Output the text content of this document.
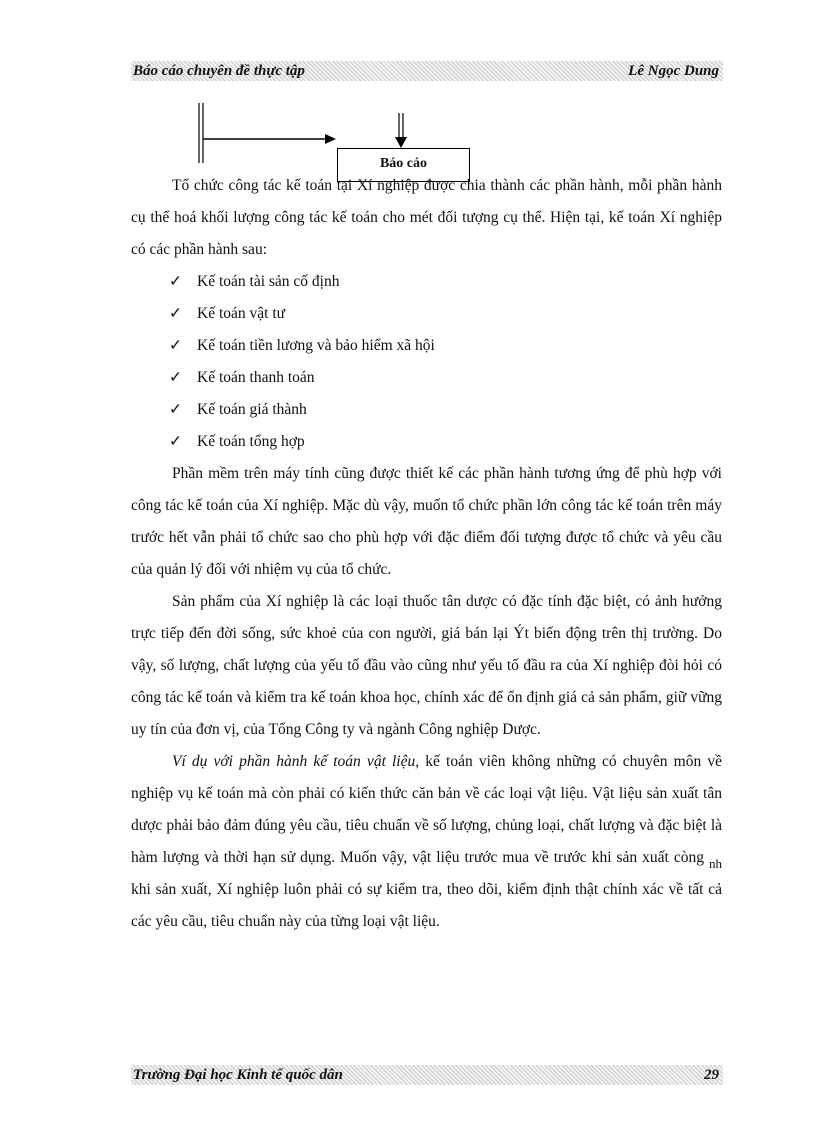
Báo cáo chuyên đề thực tập	Lê Ngọc Dung
Báo cáo

Tổ chức công tác kế toán tại Xí nghiệp được chia thành các phần hành, mỗi phần hành cụ thể hoá khối lượng công tác kế toán cho mét đối tượng cụ thể. Hiện tại, kế toán Xí nghiệp có các phần hành sau:

✓ Kế toán tài sản cố định
✓ Kế toán vật tư
✓ Kế toán tiền lương và bảo hiểm xã hội
✓ Kế toán thanh toán
✓ Kế toán giá thành
✓ Kế toán tổng hợp

Phần mềm trên máy tính cũng được thiết kế các phần hành tương ứng để phù hợp với công tác kế toán của Xí nghiệp. Mặc dù vậy, muốn tổ chức phần lớn công tác kế toán trên máy trước hết vẫn phải tổ chức sao cho phù hợp với đặc điểm đối tượng được tổ chức và yêu cầu của quản lý đối với nhiệm vụ của tổ chức.

Sản phẩm của Xí nghiệp là các loại thuốc tân dược có đặc tính đặc biệt, có ảnh hưởng trực tiếp đến đời sống, sức khoẻ của con người, giá bán lại Ýt biến động trên thị trường. Do vậy, số lượng, chất lượng của yếu tố đầu vào cũng như yếu tố đầu ra của Xí nghiệp đòi hỏi có công tác kế toán và kiểm tra kế toán khoa học, chính xác để ổn định giá cả sản phẩm, giữ vững uy tín của đơn vị, của Tổng Công ty và ngành Công nghiệp Dược.

Ví dụ với phần hành kế toán vật liệu, kế toán viên không những có chuyên môn về nghiệp vụ kế toán mà còn phải có kiến thức căn bản về các loại vật liệu. Vật liệu sản xuất tân dược phải bảo đảm đúng yêu cầu, tiêu chuẩn về số lượng, chủng loại, chất lượng và đặc biệt là hàm lượng và thời hạn sử dụng. Muốn vậy, vật liệu trước mua về trước khi sản xuất còng $_{nh}$ khi sản xuất, Xí nghiệp luôn phải có sự kiểm tra, theo dõi, kiểm định thật chính xác về tất cả các yêu cầu, tiêu chuẩn này của từng loại vật liệu.

Trường Đại học Kinh tế quốc dân	29
